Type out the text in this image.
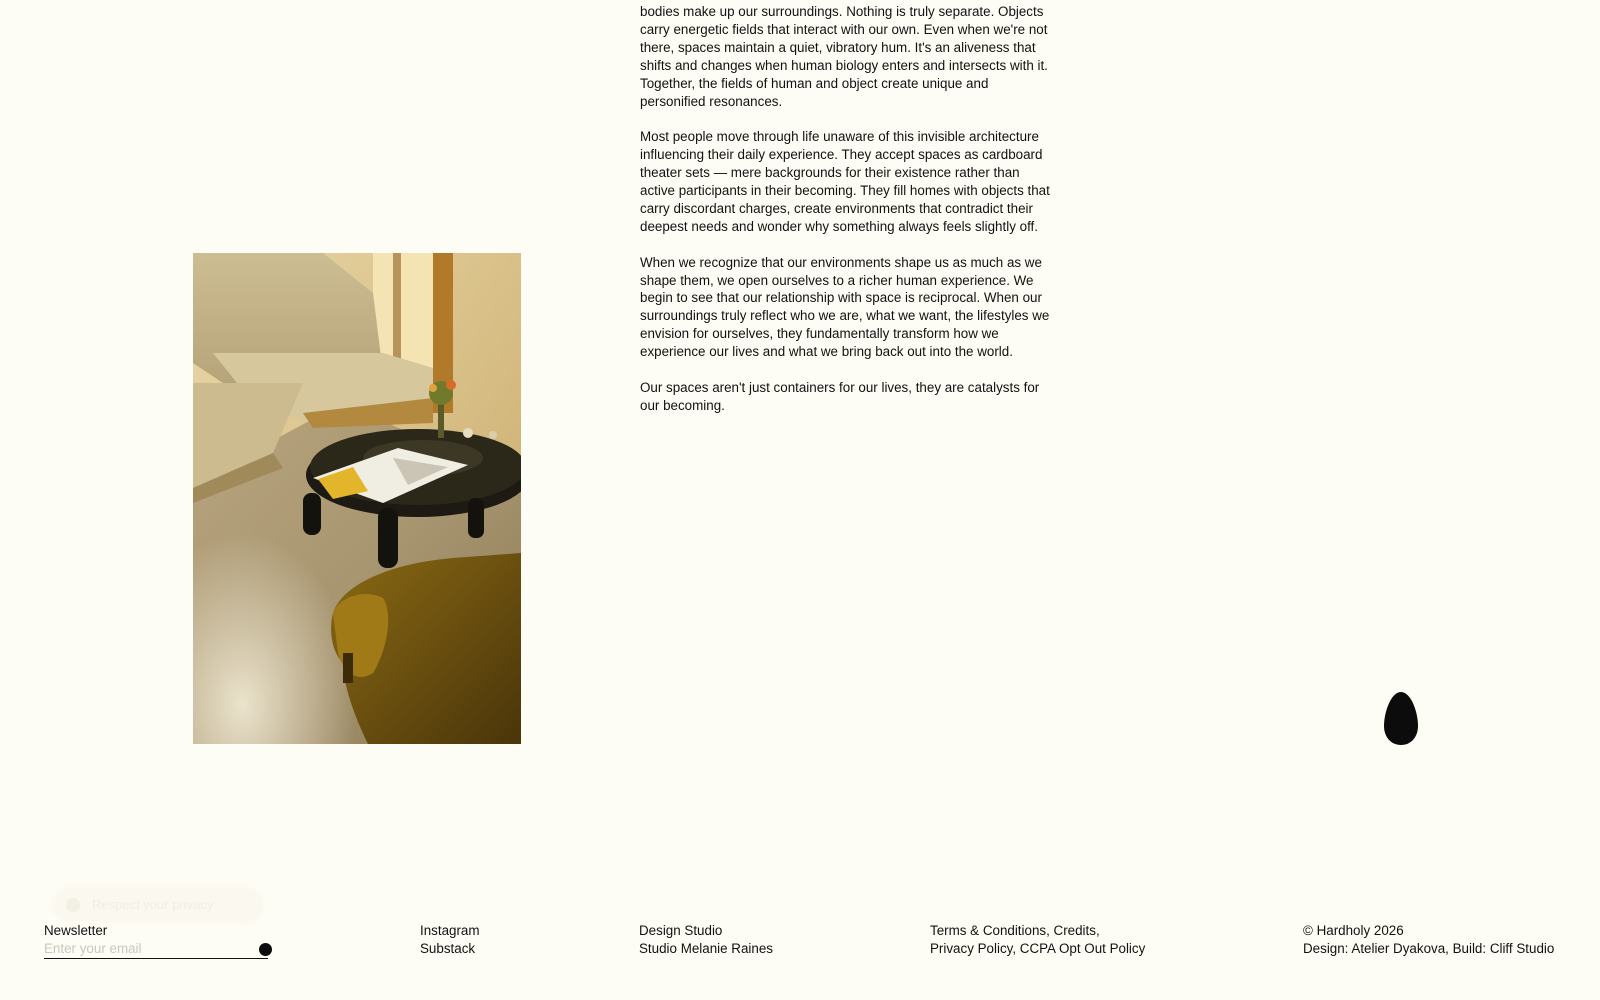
bodies make up our surroundings. Nothing is truly separate. Objects carry energetic fields that interact with our own. Even when we're not there, spaces maintain a quiet, vibratory hum. It's an aliveness that shifts and changes when human biology enters and intersects with it. Together, the fields of human and object create unique and personified resonances.

Most people move through life unaware of this invisible architecture influencing their daily experience. They accept spaces as cardboard theater sets — mere backgrounds for their existence rather than active participants in their becoming. They fill homes with objects that carry discordant charges, create environments that contradict their deepest needs and wonder why something always feels slightly off.

When we recognize that our environments shape us as much as we shape them, we open ourselves to a richer human experience. We begin to see that our relationship with space is reciprocal. When our surroundings truly reflect who we are, what we want, the lifestyles we envision for ourselves, they fundamentally transform how we experience our lives and what we bring back out into the world.

Our spaces aren't just containers for our lives, they are catalysts for our becoming.

Respect your privacy
Newsletter
Enter your email	Instagram
Substack
Design Studio
Studio Melanie Raines
Terms & Conditions, Credits,
Privacy Policy, CCPA Opt Out Policy
© Hardholy 2026
Design: Atelier Dyakova, Build: Cliff Studio
